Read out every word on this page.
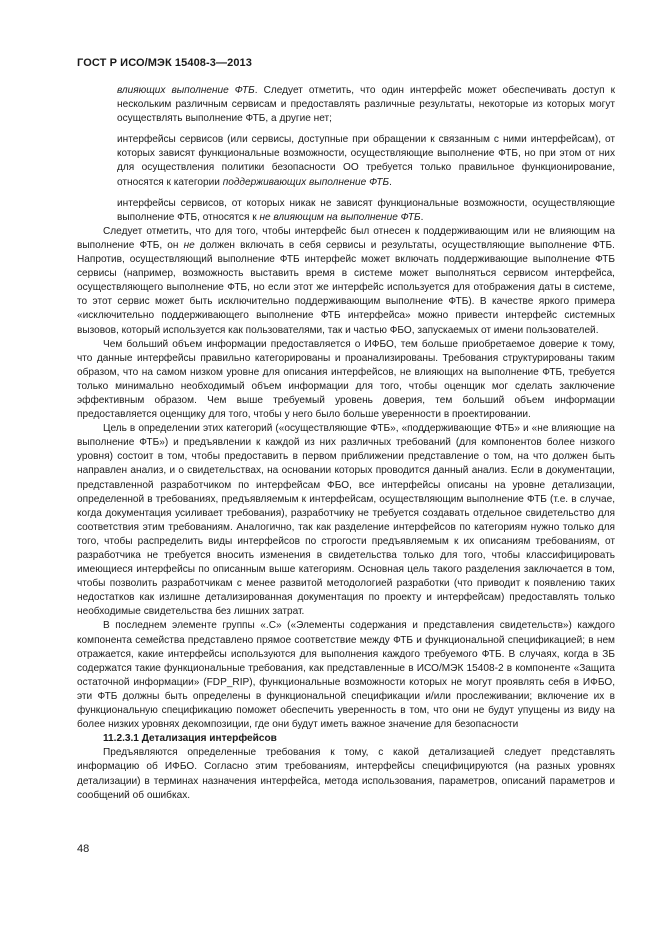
ГОСТ Р ИСО/МЭК 15408-3—2013

влияющих выполнение ФТБ. Следует отметить, что один интерфейс может обеспечивать доступ к нескольким различным сервисам и предоставлять различные результаты, некоторые из которых могут осуществлять выполнение ФТБ, а другие нет;

интерфейсы сервисов (или сервисы, доступные при обращении к связанным с ними интерфейсам), от которых зависят функциональные возможности, осуществляющие выполнение ФТБ, но при этом от них для осуществления политики безопасности ОО требуется только правильное функционирование, относятся к категории поддерживающих выполнение ФТБ.

интерфейсы сервисов, от которых никак не зависят функциональные возможности, осуществляющие выполнение ФТБ, относятся к не влияющим на выполнение ФТБ.

Следует отметить, что для того, чтобы интерфейс был отнесен к поддерживающим или не влияющим на выполнение ФТБ, он не должен включать в себя сервисы и результаты, осуществляющие выполнение ФТБ. Напротив, осуществляющий выполнение ФТБ интерфейс может включать поддерживающие выполнение ФТБ сервисы (например, возможность выставить время в системе может выполняться сервисом интерфейса, осуществляющего выполнение ФТБ, но если этот же интерфейс используется для отображения даты в системе, то этот сервис может быть исключительно поддерживающим выполнение ФТБ). В качестве яркого примера «исключительно поддерживающего выполнение ФТБ интерфейса» можно привести интерфейс системных вызовов, который используется как пользователями, так и частью ФБО, запускаемых от имени пользователей.

Чем больший объем информации предоставляется о ИФБО, тем больше приобретаемое доверие к тому, что данные интерфейсы правильно категорированы и проанализированы. Требования структурированы таким образом, что на самом низком уровне для описания интерфейсов, не влияющих на выполнение ФТБ, требуется только минимально необходимый объем информации для того, чтобы оценщик мог сделать заключение эффективным образом. Чем выше требуемый уровень доверия, тем больший объем информации предоставляется оценщику для того, чтобы у него было больше уверенности в проектировании.

Цель в определении этих категорий («осуществляющие ФТБ», «поддерживающие ФТБ» и «не влияющие на выполнение ФТБ») и предъявлении к каждой из них различных требований (для компонентов более низкого уровня) состоит в том, чтобы предоставить в первом приближении представление о том, на что должен быть направлен анализ, и о свидетельствах, на основании которых проводится данный анализ. Если в документации, представленной разработчиком по интерфейсам ФБО, все интерфейсы описаны на уровне детализации, определенной в требованиях, предъявляемым к интерфейсам, осуществляющим выполнение ФТБ (т.е. в случае, когда документация усиливает требования), разработчику не требуется создавать отдельное свидетельство для соответствия этим требованиям. Аналогично, так как разделение интерфейсов по категориям нужно только для того, чтобы распределить виды интерфейсов по строгости предъявляемым к их описаниям требованиям, от разработчика не требуется вносить изменения в свидетельства только для того, чтобы классифицировать имеющиеся интерфейсы по описанным выше категориям. Основная цель такого разделения заключается в том, чтобы позволить разработчикам с менее развитой методологией разработки (что приводит к появлению таких недостатков как излишне детализированная документация по проекту и интерфейсам) предоставлять только необходимые свидетельства без лишних затрат.

В последнем элементе группы «.С» («Элементы содержания и представления свидетельств») каждого компонента семейства представлено прямое соответствие между ФТБ и функциональной спецификацией; в нем отражается, какие интерфейсы используются для выполнения каждого требуемого ФТБ. В случаях, когда в ЗБ содержатся такие функциональные требования, как представленные в ИСО/МЭК 15408-2 в компоненте «Защита остаточной информации» (FDP_RIP), функциональные возможности которых не могут проявлять себя в ИФБО, эти ФТБ должны быть определены в функциональной спецификации и/или прослеживании; включение их в функциональную спецификацию поможет обеспечить уверенность в том, что они не будут упущены из виду на более низких уровнях декомпозиции, где они будут иметь важное значение для безопасности

11.2.3.1 Детализация интерфейсов

Предъявляются определенные требования к тому, с какой детализацией следует представлять информацию об ИФБО. Согласно этим требованиям, интерфейсы специфицируются (на разных уровнях детализации) в терминах назначения интерфейса, метода использования, параметров, описаний параметров и сообщений об ошибках.

48
